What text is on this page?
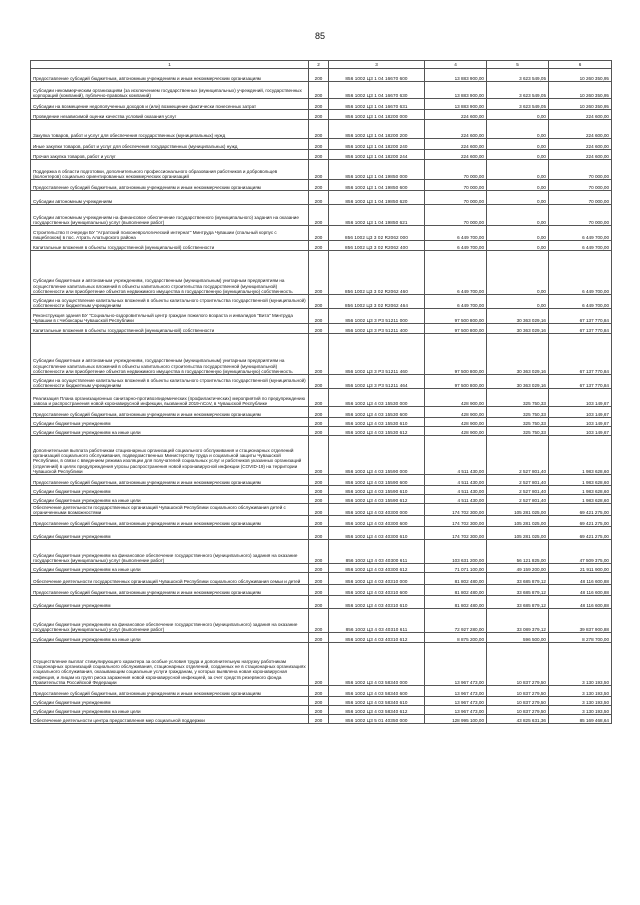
85
1	2	3	4	5	6
Предоставление субсидий бюджетным, автономным учреждениям и иным некоммерческим организациям	200	856 1002 Ц3 1 04 16670 600	13 883 900,00	3 623 549,05	10 260 350,95
Субсидии некоммерческим организациям (за исключением государственных (муниципальных) учреждений, государственных корпораций (компаний), публично-правовых компаний)	200	856 1002 Ц3 1 04 16670 630	13 883 900,00	3 623 549,05	10 260 350,95
Субсидии на возмещение недополученных доходов и (или) возмещение фактически понесенных затрат	200	856 1002 Ц3 1 04 16670 631	13 883 900,00	3 623 549,05	10 260 350,95
Проведение независимой оценки качества условий оказания услуг	200	856 1002 Ц3 1 04 18200 000	224 600,00	0,00	224 600,00
Закупка товаров, работ и услуг для обеспечения государственных (муниципальных) нужд	200	856 1002 Ц3 1 04 18200 200	224 600,00	0,00	224 600,00
Иные закупки товаров, работ и услуг для обеспечения государственных (муниципальных) нужд	200	856 1002 Ц3 1 04 18200 240	224 600,00	0,00	224 600,00
Прочая закупка товаров, работ и услуг	200	856 1002 Ц3 1 04 18200 244	224 600,00	0,00	224 600,00
Поддержка в области подготовки, дополнительного профессионального образования работников и добровольцев (волонтеров) социально ориентированных некоммерческих организаций	200	856 1002 Ц3 1 04 19850 000	70 000,00	0,00	70 000,00
Предоставление субсидий бюджетным, автономным учреждениям и иным некоммерческим организациям	200	856 1002 Ц3 1 04 19850 600	70 000,00	0,00	70 000,00
Субсидии автономным учреждениям	200	856 1002 Ц3 1 04 19850 620	70 000,00	0,00	70 000,00
Субсидии автономным учреждениям на финансовое обеспечение государственного (муниципального) задания на оказание государственных (муниципальных) услуг (выполнение работ)	200	856 1002 Ц3 1 04 19850 621	70 000,00	0,00	70 000,00
Строительство II очереди БУ "Атратский психоневрологический интернат" Минтруда Чувашии (спальный корпус с пищеблоком) в пос. Атрать Алатырского района	200	856 1002 Ц3 3 02 R2062 000	6 449 700,00	0,00	6 449 700,00
Капитальные вложения в объекты государственной (муниципальной) собственности	200	856 1002 Ц3 3 02 R2062 400	6 449 700,00	0,00	6 449 700,00
Субсидии бюджетным и автономным учреждениям, государственным (муниципальным) унитарным предприятиям на осуществление капитальных вложений в объекты капитального строительства государственной (муниципальной) собственности или приобретение объектов недвижимого имущества в государственную (муниципальную) собственность	200	856 1002 Ц3 3 02 R2062 460	6 449 700,00	0,00	6 449 700,00
Субсидии на осуществление капитальных вложений в объекты капитального строительства государственной (муниципальной) собственности бюджетным учреждениям	200	856 1002 Ц3 3 02 R2062 464	6 449 700,00	0,00	6 449 700,00
Реконструкция здания БУ "Социально-оздоровительный центр граждан пожилого возраста и инвалидов "Вита" Минтруда Чувашии в г.Чебоксары Чувашской Республики	200	856 1002 Ц3 3 P3 51211 000	97 500 800,00	30 363 029,16	67 137 770,84
Капитальные вложения в объекты государственной (муниципальной) собственности	200	856 1002 Ц3 3 P3 51211 400	97 500 800,00	30 363 029,16	67 137 770,84
Субсидии бюджетным и автономным учреждениям, государственным (муниципальным) унитарным предприятиям на осуществление капитальных вложений в объекты капитального строительства государственной (муниципальной) собственности или приобретение объектов недвижимого имущества в государственную (муниципальную) собственность	200	856 1002 Ц3 3 P3 51211 460	97 500 800,00	30 363 029,16	67 137 770,84
Субсидии на осуществление капитальных вложений в объекты капитального строительства государственной (муниципальной) собственности бюджетным учреждениям	200	856 1002 Ц3 3 P3 51211 464	97 500 800,00	30 363 029,16	67 137 770,84
Реализация Плана организационных санитарно-противоэпидемических (профилактических) мероприятий по предупреждению завоза и распространения новой коронавирусной инфекции, вызванной 2019-nCoV, в Чувашской Республике	200	856 1002 Ц3 4 03 15530 000	428 900,00	325 750,33	103 149,67
Предоставление субсидий бюджетным, автономным учреждениям и иным некоммерческим организациям	200	856 1002 Ц3 4 03 15530 600	428 900,00	325 750,33	103 149,67
Субсидии бюджетным учреждениям	200	856 1002 Ц3 4 03 15530 610	428 900,00	325 750,33	103 149,67
Субсидии бюджетным учреждениям на иные цели	200	856 1002 Ц3 4 03 15530 612	428 900,00	325 750,33	103 149,67
Дополнительная выплата работникам стационарных организаций социального обслуживания и стационарных отделений организаций социального обслуживания, подведомственных Министерству труда и социальной защиты Чувашской Республики, в связи с введением режима изоляции для получателей социальных услуг и работников указанных организаций (отделений) в целях предупреждения угрозы распространения новой коронавирусной инфекции (COVID-19) на территории Чувашской Республики	200	856 1002 Ц3 4 03 15590 000	4 511 430,00	2 527 801,40	1 983 628,60
Предоставление субсидий бюджетным, автономным учреждениям и иным некоммерческим организациям	200	856 1002 Ц3 4 03 15590 600	4 511 430,00	2 527 801,40	1 983 628,60
Субсидии бюджетным учреждениям	200	856 1002 Ц3 4 03 15590 610	4 511 430,00	2 527 801,40	1 983 628,60
Субсидии бюджетным учреждениям на иные цели	200	856 1002 Ц3 4 03 15590 612	4 511 430,00	2 527 801,40	1 983 628,60
Обеспечение деятельности государственных организаций Чувашской Республики социального обслуживания детей с ограниченными возможностями	200	856 1002 Ц3 4 03 40300 000	174 702 300,00	105 281 025,00	69 421 275,00
Предоставление субсидий бюджетным, автономным учреждениям и иным некоммерческим организациям	200	856 1002 Ц3 4 03 40300 600	174 702 300,00	105 281 025,00	69 421 275,00
Субсидии бюджетным учреждениям	200	856 1002 Ц3 4 03 40300 610	174 702 300,00	105 281 025,00	69 421 275,00
Субсидии бюджетным учреждениям на финансовое обеспечение государственного (муниципального) задания на оказание государственных (муниципальных) услуг (выполнение работ)	200	856 1002 Ц3 4 03 40300 611	103 631 200,00	56 121 825,00	47 509 375,00
Субсидии бюджетным учреждениям на иные цели	200	856 1002 Ц3 4 03 40300 612	71 071 100,00	49 159 200,00	21 911 900,00
Обеспечение деятельности государственных организаций Чувашской Республики социального обслуживания семьи и детей	200	856 1002 Ц3 4 03 40310 000	81 802 480,00	33 685 879,12	48 116 600,88
Предоставление субсидий бюджетным, автономным учреждениям и иным некоммерческим организациям	200	856 1002 Ц3 4 03 40310 600	81 802 480,00	33 685 879,12	48 116 600,88
Субсидии бюджетным учреждениям	200	856 1002 Ц3 4 03 40310 610	81 802 480,00	33 685 879,12	48 116 600,88
Субсидии бюджетным учреждениям на финансовое обеспечение государственного (муниципального) задания на оказание государственных (муниципальных) услуг (выполнение работ)	200	856 1002 Ц3 4 03 40310 611	72 927 280,00	33 089 379,12	39 837 900,88
Субсидии бюджетным учреждениям на иные цели	200	856 1002 Ц3 4 03 40310 612	8 875 200,00	596 500,00	8 278 700,00
Осуществление выплат стимулирующего характера за особые условия труда и дополнительную нагрузку работникам стационарных организаций социального обслуживания, стационарных отделений, созданных не в стационарных организациях социального обслуживания, оказывающим социальные услуги гражданам, у которых выявлена новая коронавирусная инфекция, и лицам из групп риска заражения новой коронавирусной инфекцией, за счет средств резервного фонда Правительства Российской Федерации	200	856 1002 Ц3 4 03 58340 000	13 967 473,00	10 837 279,50	3 130 193,50
Предоставление субсидий бюджетным, автономным учреждениям и иным некоммерческим организациям	200	856 1002 Ц3 4 03 58340 600	13 967 473,00	10 837 279,50	3 130 193,50
Субсидии бюджетным учреждениям	200	856 1002 Ц3 4 03 58340 610	13 967 473,00	10 837 279,50	3 130 193,50
Субсидии бюджетным учреждениям на иные цели	200	856 1002 Ц3 4 03 58340 612	13 967 473,00	10 837 279,50	3 130 193,50
Обеспечение деятельности центра предоставления мер социальной поддержки	200	856 1002 Ц3 5 01 40350 000	128 995 100,00	43 825 631,36	85 169 468,64
